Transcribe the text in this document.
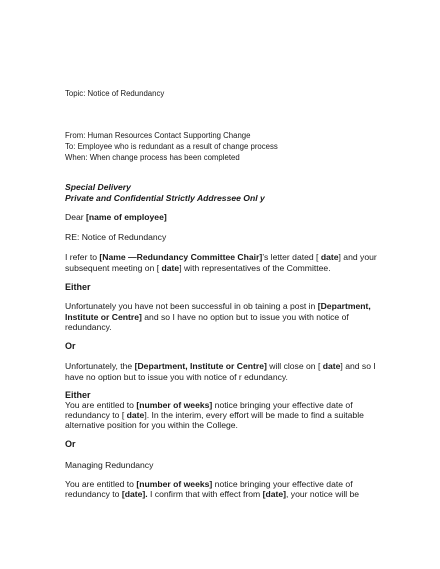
Topic: Notice of Redundancy
From: Human Resources Contact Supporting Change
To: Employee who is redundant as a result of change process
When: When change process has been completed
Special Delivery
Private and Confidential Strictly Addressee Onl y
Dear [name of employee]
RE: Notice of Redundancy
I refer to [Name —Redundancy Committee Chair]’s letter dated [ date] and your
subsequent meeting on [ date] with representatives of the Committee.
Either
Unfortunately you have not been successful in ob taining a post in [Department,
Institute or Centre] and so I have no option but to issue you with notice of
redundancy.
Or
Unfortunately, the [Department, Institute or Centre] will close on [ date] and so I
have no option but to issue you with notice of r edundancy.
Either
You are entitled to [number of weeks] notice bringing your effective date of
redundancy to [ date]. In the interim, every effort will be made to find a suitable
alternative position for you within the College.
Or
Managing Redundancy
You are entitled to [number of weeks] notice bringing your effective date of
redundancy to [date]. I confirm that with effect from [date], your notice will be
